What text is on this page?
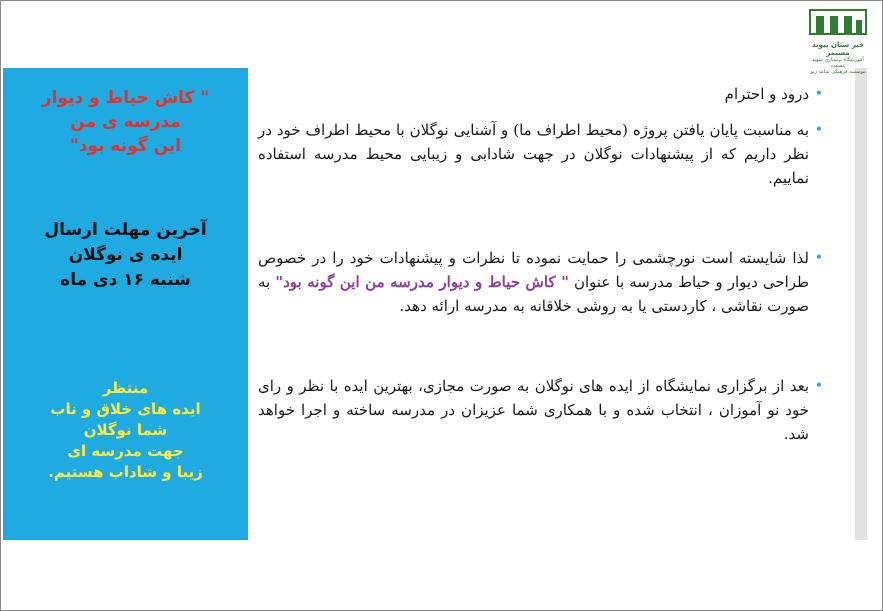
خیر ستان پیوند مستمر
آموزشگاه پرستاری شهید عصمت
موسسه فرهنگی شامه زیو
" کاش حیاط و دیوار
مدرسه ی من
این گونه بود"
آخرین مهلت ارسال
ایده ی نوگلان
شنبه ۱۶ دی ماه
منتظر
ایده های خلاق و ناب
شما نوگلان
جهت مدرسه ای
زیبا و شاداب هستیم.

• درود و احترام

• به مناسبت پایان یافتن پروژه (محیط اطراف ما) و آشنایی نوگلان با محیط اطراف خود در نظر داریم که از پیشنهادات نوگلان در جهت شادابی و زیبایی محیط مدرسه استفاده نماییم.

• لذا شایسته است نورچشمی را حمایت نموده تا نظرات و پیشنهادات خود را در خصوص طراحی دیوار و حیاط مدرسه با عنوان " کاش حیاط و دیوار مدرسه من این گونه بود" به صورت نقاشی ، کاردستی یا به روشی خلاقانه به مدرسه ارائه دهد.

• بعد از برگزاری نمایشگاه از ایده های نوگلان به صورت مجازی، بهترین ایده با نظر و رای خود نو آموزان ، انتخاب شده و با همکاری شما عزیزان در مدرسه ساخته و اجرا خواهد شد.
